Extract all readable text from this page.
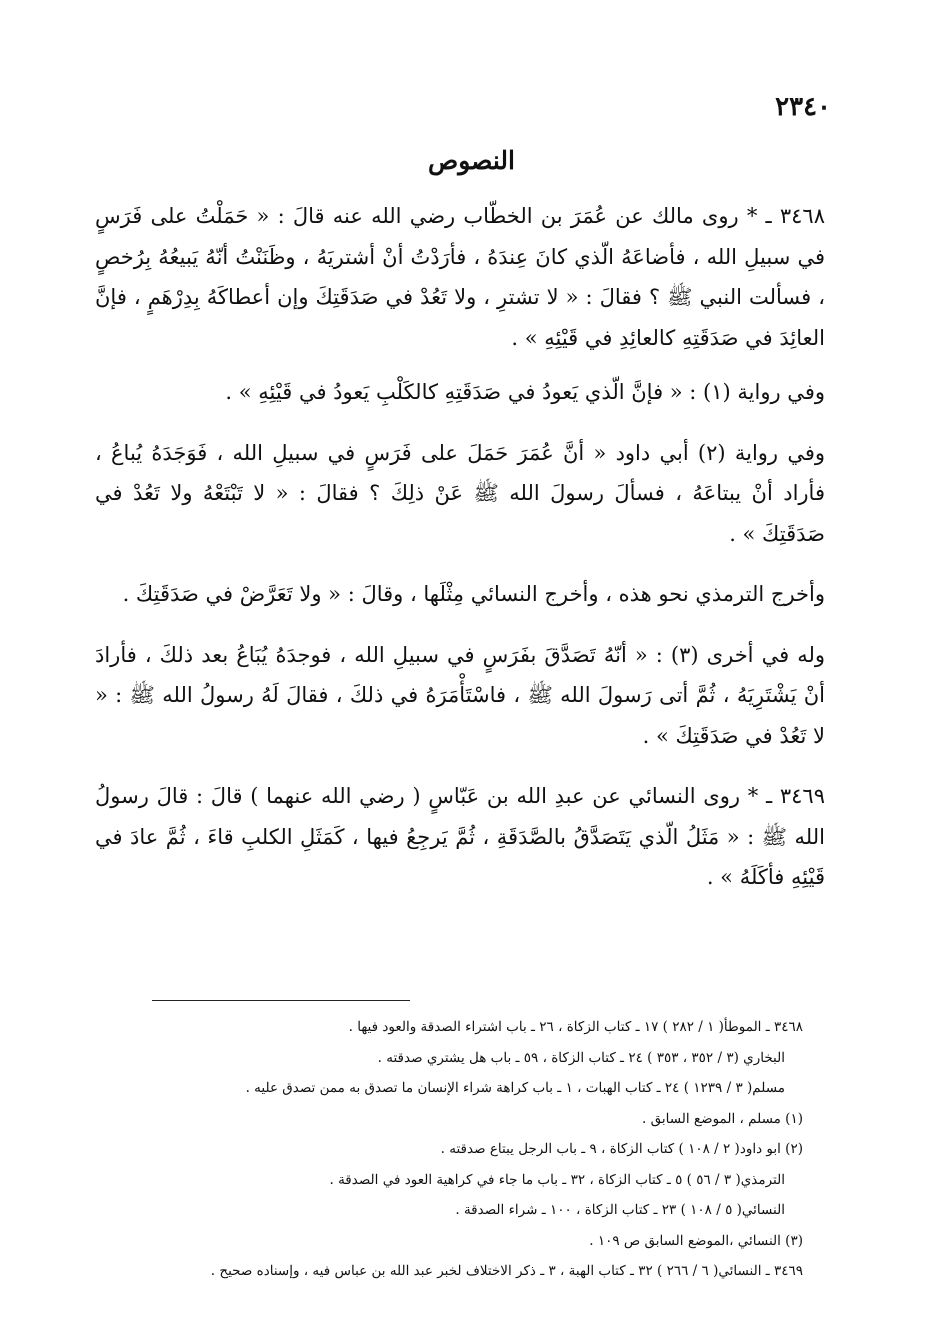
٢٣٤٠
النصوص

٣٤٦٨ ـ * روى مالك عن عُمَرَ بن الخطّاب رضي الله عنه قالَ : « حَمَلْتُ على فَرَسٍ في سبيلِ الله ، فأضاعَهُ الّذي كانَ عِندَهُ ، فأرَدْتُ أنْ أشتريَهُ ، وظَنَنْتُ أنّهُ يَبيعُهُ بِرُخصٍ ، فسألت النبي ﷺ ؟ فقالَ : « لا تشترِ ، ولا تَعُدْ في صَدَقَتِكَ وإن أعطاكَهُ بِدِرْهَمٍ ، فإنَّ العائِدَ في صَدَقَتِهِ كالعائِدِ في قَيْئِهِ » .

وفي رواية (١) : « فإنَّ الّذي يَعودُ في صَدَقَتِهِ كالكَلْبِ يَعودُ في قَيْئِهِ » .

وفي رواية (٢) أبي داود « أنَّ عُمَرَ حَمَلَ على فَرَسٍ في سبيلِ الله ، فَوَجَدَهُ يُباعُ ، فأراد أنْ يبتاعَهُ ، فسألَ رسولَ الله ﷺ عَنْ ذلِكَ ؟ فقالَ : « لا تَبْتَعْهُ ولا تَعُدْ في صَدَقَتِكَ » .

وأخرج الترمذي نحو هذه ، وأخرج النسائي مِثْلَها ، وقالَ : « ولا تَعَرَّضْ في صَدَقَتِكَ .

وله في أخرى (٣) : « أنّهُ تَصَدَّقَ بفَرَسٍ في سبيلِ الله ، فوجدَهُ يُبَاعُ بعد ذلكَ ، فأرادَ أنْ يَشْتَرِيَهُ ، ثُمَّ أتى رَسولَ الله ﷺ ، فاسْتَأْمَرَهُ في ذلكَ ، فقالَ لَهُ رسولُ الله ﷺ : « لا تَعُدْ في صَدَقَتِكَ » .

٣٤٦٩ ـ * روى النسائي عن عبدِ الله بن عَبّاسٍ ( رضي الله عنهما ) قالَ : قالَ رسولُ الله ﷺ : « مَثَلُ الّذي يَتَصَدَّقُ بالصَّدَقَةِ ، ثُمَّ يَرجِعُ فيها ، كَمَثَلِ الكلبِ قاءَ ، ثُمَّ عادَ في قَيْئِهِ فأكَلَهُ » .

٣٤٦٨ ـ الموطأ( ١ / ٢٨٢ ) ١٧ ـ كتاب الزكاة ، ٢٦ ـ باب اشتراء الصدقة والعود فيها .
البخاري (٣ / ٣٥٢ ، ٣٥٣ ) ٢٤ ـ كتاب الزكاة ، ٥٩ ـ باب هل يشتري صدقته .
مسلم( ٣ / ١٢٣٩ ) ٢٤ ـ كتاب الهبات ، ١ ـ باب كراهة شراء الإنسان ما تصدق به ممن تصدق عليه .
(١) مسلم ، الموضع السابق .
(٢) ابو داود( ٢ / ١٠٨ ) كتاب الزكاة ، ٩ ـ باب الرجل يبتاع صدقته .
الترمذي( ٣ / ٥٦ ) ٥ ـ كتاب الزكاة ، ٣٢ ـ باب ما جاء في كراهية العود في الصدقة .
النسائي( ٥ / ١٠٨ ) ٢٣ ـ كتاب الزكاة ، ١٠٠ ـ شراء الصدقة .
(٣) النسائي ،الموضع السابق ص ١٠٩ .
٣٤٦٩ ـ النسائي( ٦ / ٢٦٦ ) ٣٢ ـ كتاب الهبة ، ٣ ـ ذكر الاختلاف لخبر عبد الله بن عباس فيه ، وإسناده صحيح .
